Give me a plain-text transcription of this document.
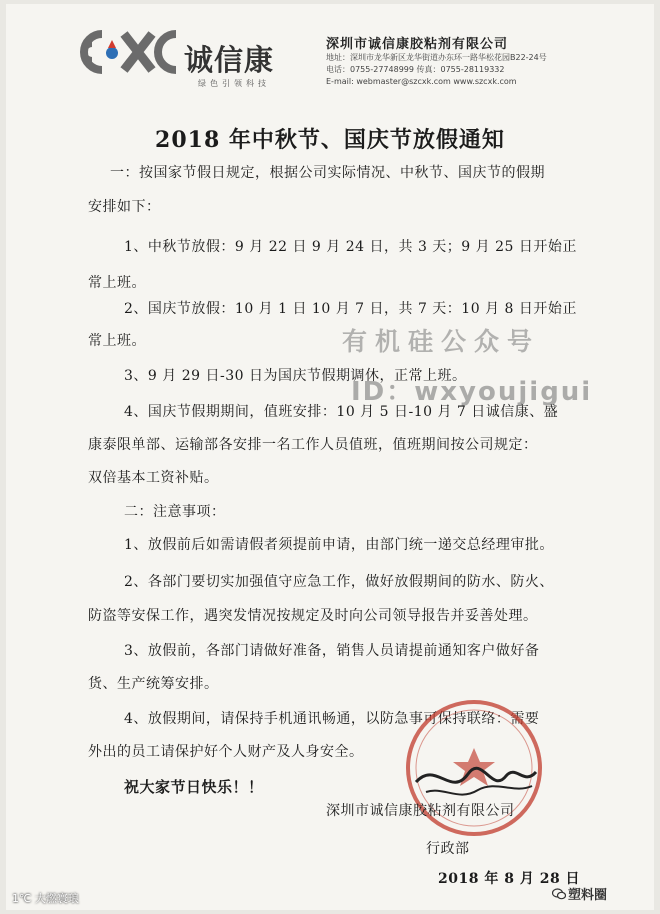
诚信康
绿色引领科技
深圳市诚信康胶粘剂有限公司
地址：深圳市龙华新区龙华街道办东环一路华松花园B22-24号
电话：0755-27748999 传真：0755-28119332
E-mail: webmaster@szcxk.com www.szcxk.com
2018 年中秋节、国庆节放假通知
一：按国家节假日规定，根据公司实际情况、中秋节、国庆节的假期
安排如下：
1、中秋节放假：9 月 22 日 9 月 24 日，共 3 天；9 月 25 日开始正
常上班。
2、国庆节放假：10 月 1 日 10 月 7 日，共 7 天：10 月 8 日开始正
常上班。
3、9 月 29 日-30 日为国庆节假期调休，正常上班。
4、国庆节假期期间，值班安排：10 月 5 日-10 月 7 日诚信康、盛
康泰限单部、运输部各安排一名工作人员值班，值班期间按公司规定：
双倍基本工资补贴。
二：注意事项：
1、放假前后如需请假者须提前申请，由部门统一递交总经理审批。
2、各部门要切实加强值守应急工作，做好放假期间的防水、防火、
防盗等安保工作，遇突发情况按规定及时向公司领导报告并妥善处理。
3、放假前，各部门请做好准备，销售人员请提前通知客户做好备
货、生产统筹安排。
4、放假期间，请保持手机通讯畅通，以防急事可保持联络：需要
外出的员工请保护好个人财产及人身安全。
祝大家节日快乐！！
深圳市诚信康胶粘剂有限公司
行政部
2018 年 8 月 28 日
有机硅公众号
ID：wxyoujigui
1℃ 大燃寰琅	塑料圈
